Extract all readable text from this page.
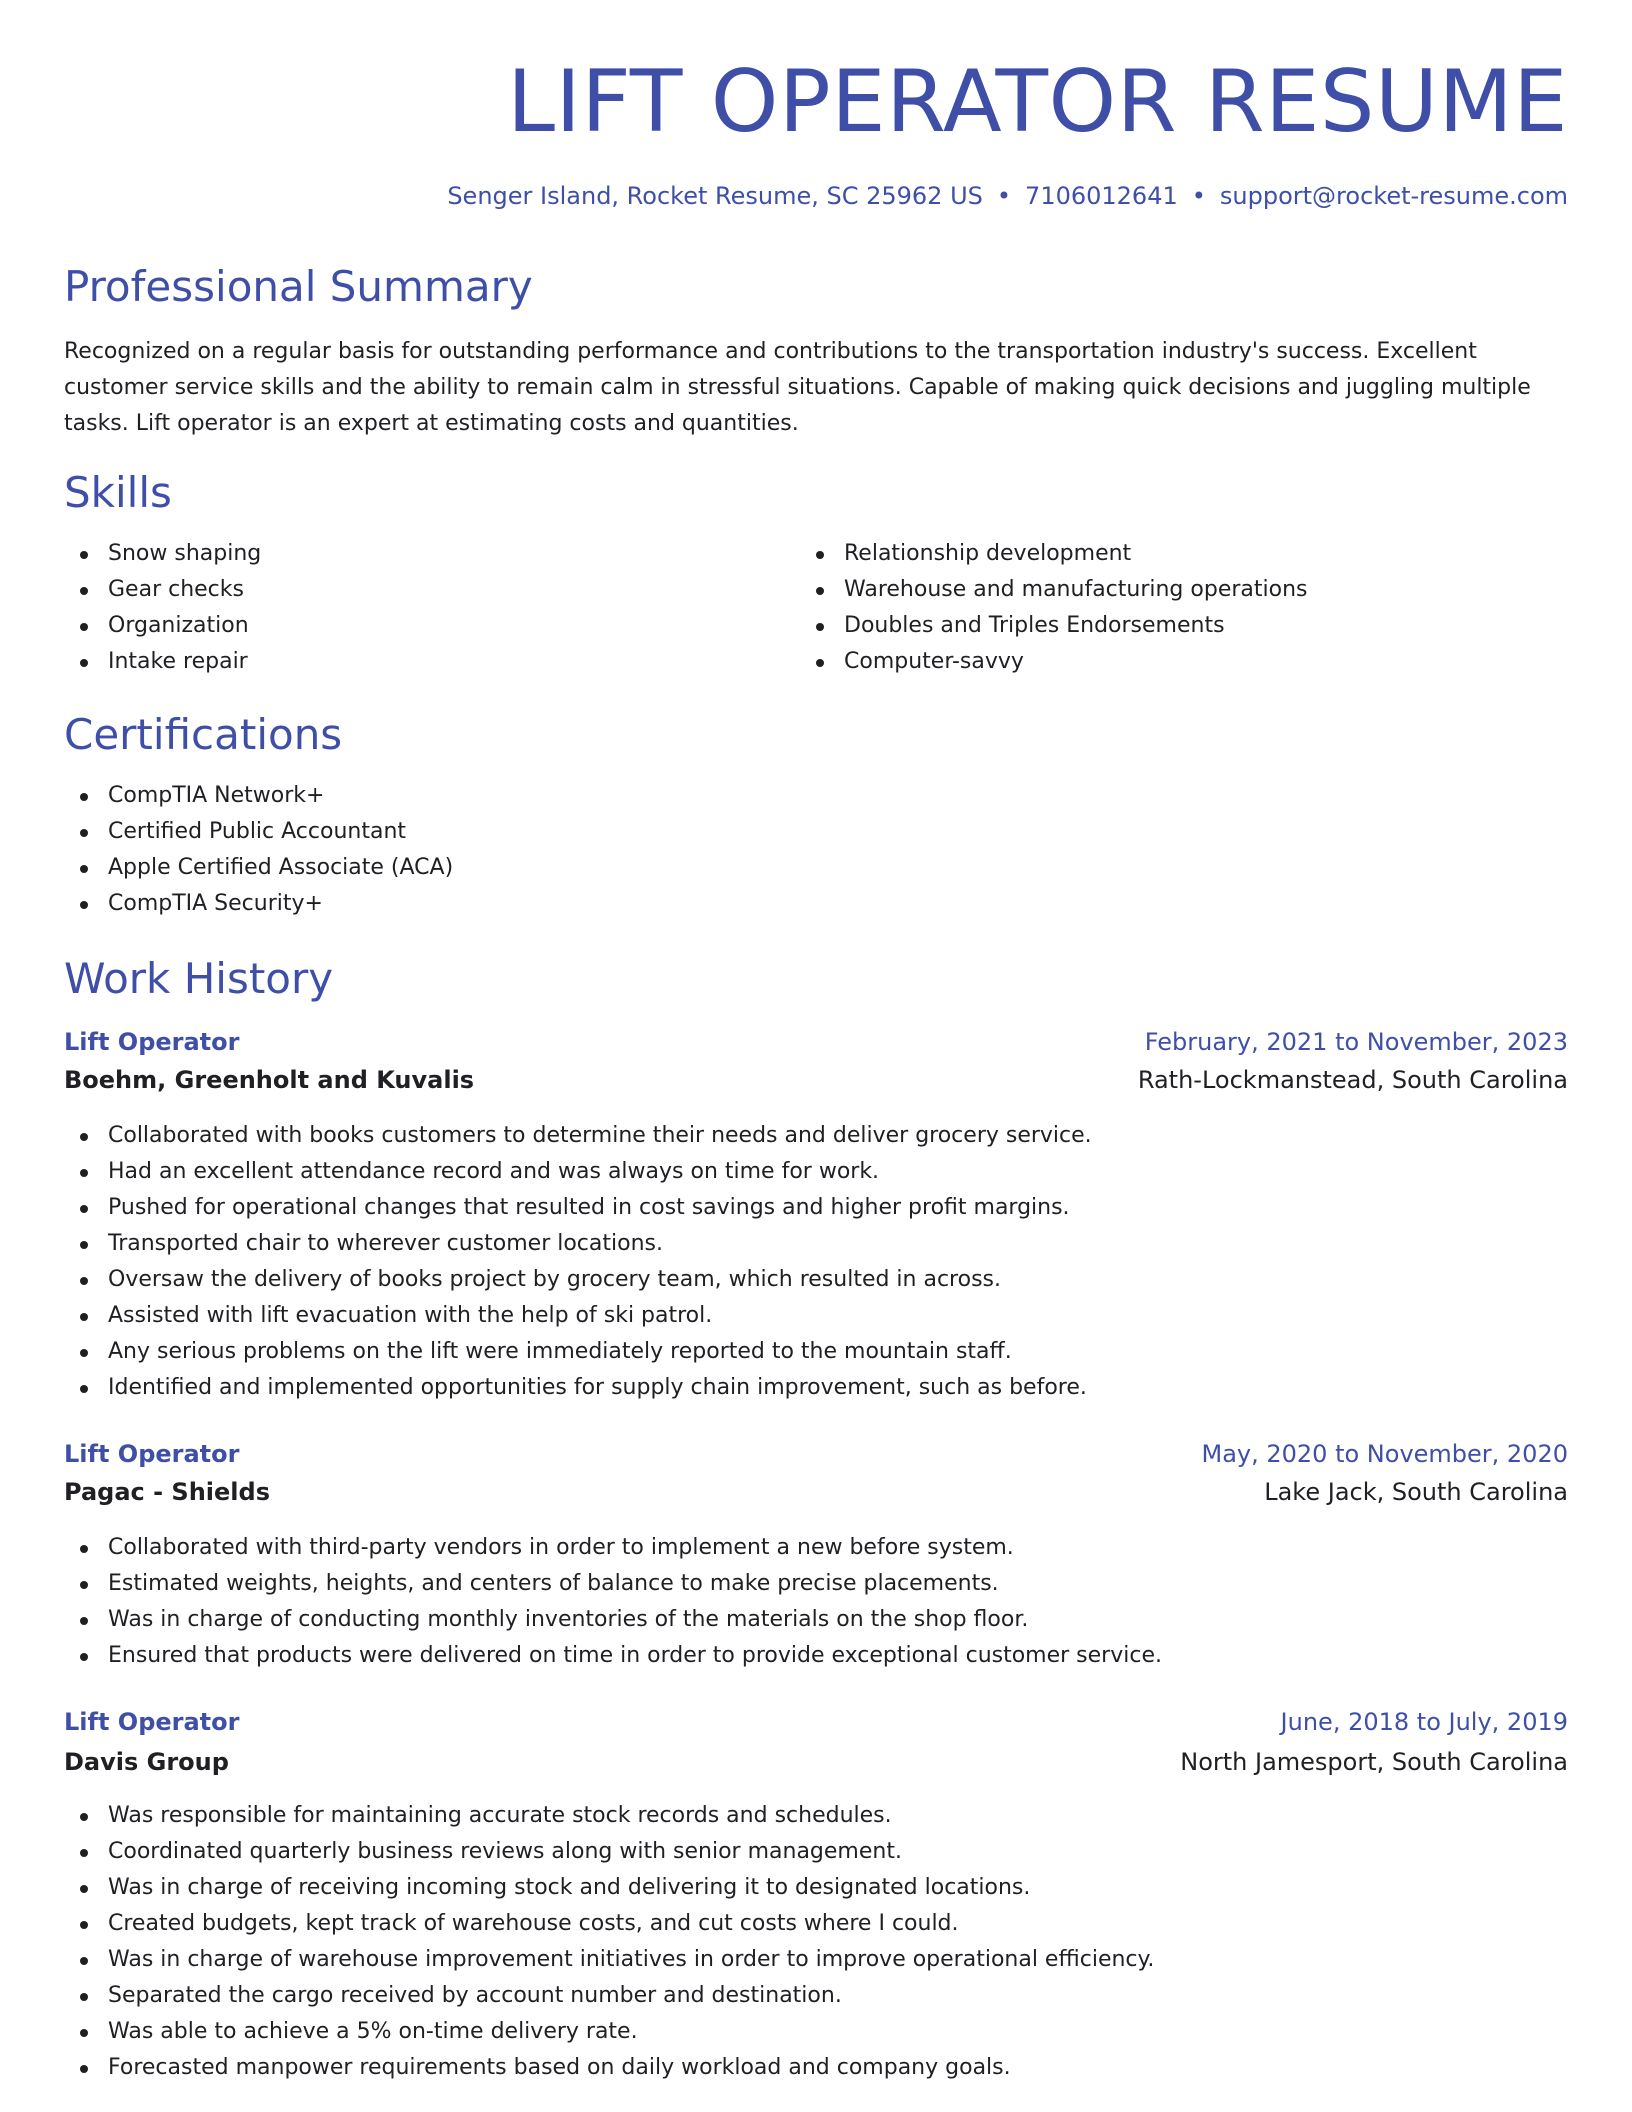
LIFT OPERATOR RESUME
Senger Island, Rocket Resume, SC 25962 US • 7106012641 • support@rocket-resume.com
Professional Summary

Recognized on a regular basis for outstanding performance and contributions to the transportation industry's success. Excellent customer service skills and the ability to remain calm in stressful situations. Capable of making quick decisions and juggling multiple tasks. Lift operator is an expert at estimating costs and quantities.

Skills
Snow shaping
Gear checks
Organization
Intake repair
Relationship development
Warehouse and manufacturing operations
Doubles and Triples Endorsements
Computer-savvy
Certifications
CompTIA Network+
Certified Public Accountant
Apple Certified Associate (ACA)
CompTIA Security+
Work History
Lift Operator	February, 2021 to November, 2023
Boehm, Greenholt and Kuvalis	Rath-Lockmanstead, South Carolina
Collaborated with books customers to determine their needs and deliver grocery service.
Had an excellent attendance record and was always on time for work.
Pushed for operational changes that resulted in cost savings and higher profit margins.
Transported chair to wherever customer locations.
Oversaw the delivery of books project by grocery team, which resulted in across.
Assisted with lift evacuation with the help of ski patrol.
Any serious problems on the lift were immediately reported to the mountain staff.
Identified and implemented opportunities for supply chain improvement, such as before.
Lift Operator	May, 2020 to November, 2020
Pagac - Shields	Lake Jack, South Carolina
Collaborated with third-party vendors in order to implement a new before system.
Estimated weights, heights, and centers of balance to make precise placements.
Was in charge of conducting monthly inventories of the materials on the shop floor.
Ensured that products were delivered on time in order to provide exceptional customer service.
Lift Operator	June, 2018 to July, 2019
Davis Group	North Jamesport, South Carolina
Was responsible for maintaining accurate stock records and schedules.
Coordinated quarterly business reviews along with senior management.
Was in charge of receiving incoming stock and delivering it to designated locations.
Created budgets, kept track of warehouse costs, and cut costs where I could.
Was in charge of warehouse improvement initiatives in order to improve operational efficiency.
Separated the cargo received by account number and destination.
Was able to achieve a 5% on-time delivery rate.
Forecasted manpower requirements based on daily workload and company goals.
